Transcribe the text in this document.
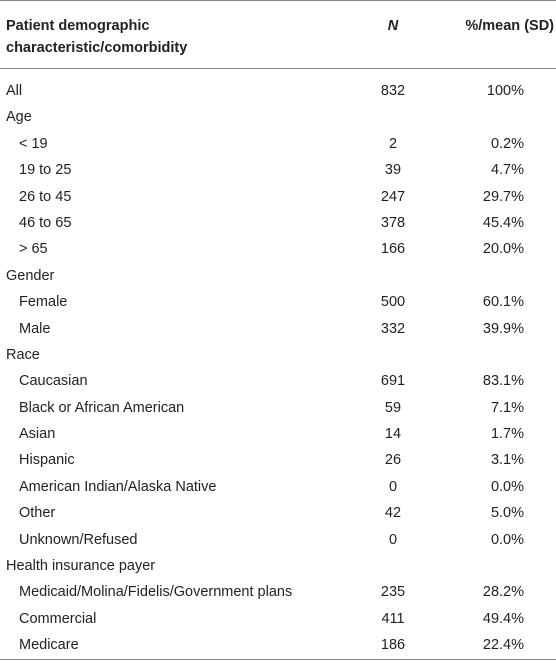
Patient demographic
characteristic/comorbidity
N	%/mean (SD)
All	832	100%
Age
< 19	2	0.2%
19 to 25	39	4.7%
26 to 45	247	29.7%
46 to 65	378	45.4%
> 65	166	20.0%
Gender
Female	500	60.1%
Male	332	39.9%
Race
Caucasian	691	83.1%
Black or African American	59	7.1%
Asian	14	1.7%
Hispanic	26	3.1%
American Indian/Alaska Native	0	0.0%
Other	42	5.0%
Unknown/Refused	0	0.0%
Health insurance payer
Medicaid/Molina/Fidelis/Government plans	235	28.2%
Commercial	411	49.4%
Medicare	186	22.4%
